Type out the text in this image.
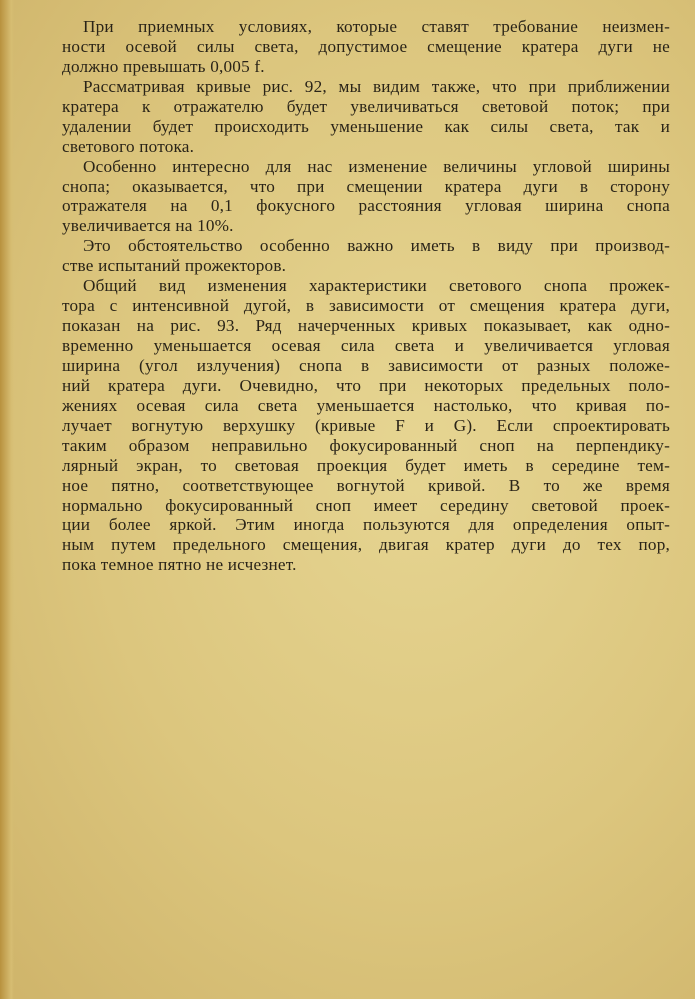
При приемных условиях, которые ставят требование неизмен-
ности осевой силы света, допустимое смещение кратера дуги не
должно превышать 0,005 f.
Рассматривая кривые рис. 92, мы видим также, что при приближении
кратера к отражателю будет увеличиваться световой поток; при
удалении будет происходить уменьшение как силы света, так и
светового потока.
Особенно интересно для нас изменение величины угловой ширины
снопа; оказывается, что при смещении кратера дуги в сторону
отражателя на 0,1 фокусного расстояния угловая ширина снопа
увеличивается на 10%.
Это обстоятельство особенно важно иметь в виду при производ-
стве испытаний прожекторов.
Общий вид изменения характеристики светового снопа прожек-
тора с интенсивной дугой, в зависимости от смещения кратера дуги,
показан на рис. 93. Ряд начерченных кривых показывает, как одно-
временно уменьшается осевая сила света и увеличивается угловая
ширина (угол излучения) снопа в зависимости от разных положе-
ний кратера дуги. Очевидно, что при некоторых предельных поло-
жениях осевая сила света уменьшается настолько, что кривая по-
лучает вогнутую верхушку (кривые F и G). Если спроектировать
таким образом неправильно фокусированный сноп на перпендику-
лярный экран, то световая проекция будет иметь в середине тем-
ное пятно, соответствующее вогнутой кривой. В то же время
нормально фокусированный сноп имеет середину световой проек-
ции более яркой. Этим иногда пользуются для определения опыт-
ным путем предельного смещения, двигая кратер дуги до тех пор,
пока темное пятно не исчезнет.
